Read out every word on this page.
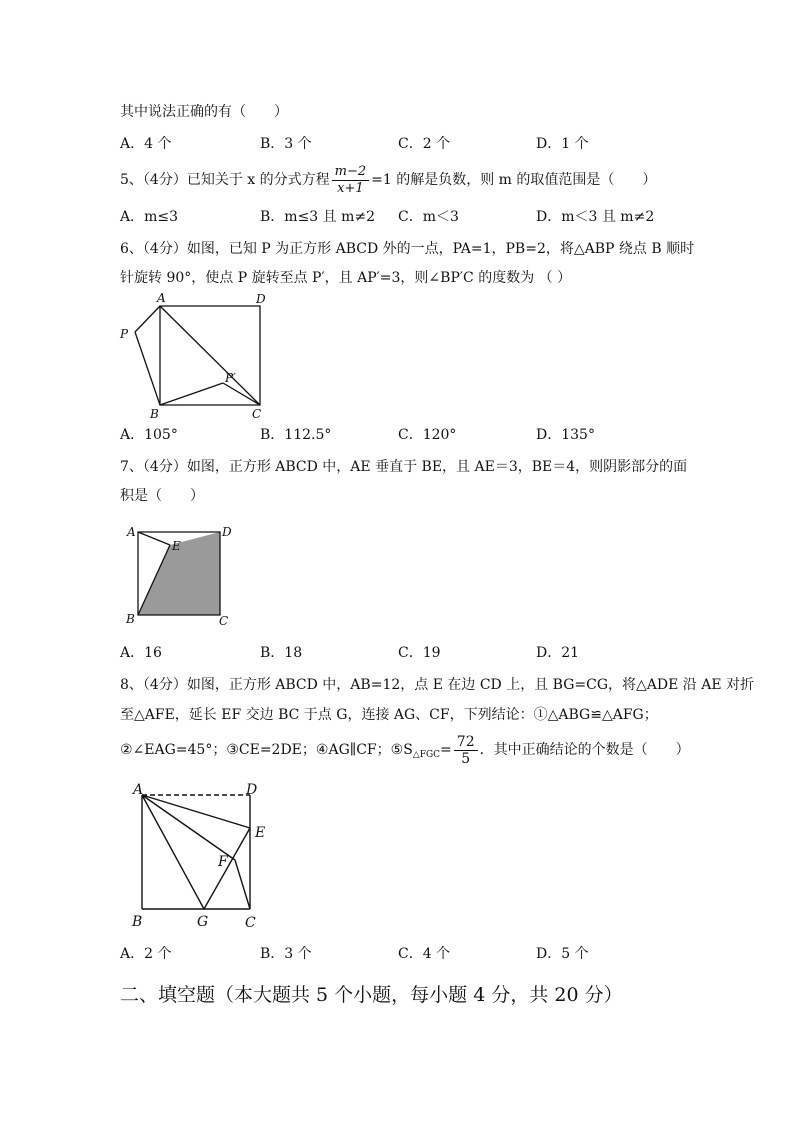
其中说法正确的有（　　）
A．4 个	B．3 个	C．2 个	D．1 个
5、（4分）已知关于 x 的分式方程 $\frac{m-2}{x+1} =1$ 的解是负数，则 m 的取值范围是（　　）
A．m≤3	B．m≤3 且 m≠2 C．m＜3	D．m＜3 且 m≠2
6、（4分）如图，已知 P 为正方形 ABCD 外的一点，PA=1，PB=2，将△ABP 绕点 B 顺时
针旋转 90°，使点 P 旋转至点 P′，且 AP′=3，则∠BP′C 的度数为 （ ）
A	D
P
P′
B	C
A．105°	B．112.5°	C．120°	D．135°
7、（4分）如图，正方形 ABCD 中，AE 垂直于 BE，且 AE＝3，BE＝4，则阴影部分的面
积是（　　）
A	D
E
B	C
A．16	B．18	C．19	D．21
8、（4分）如图，正方形 ABCD 中，AB=12，点 E 在边 CD 上，且 BG=CG，将△ADE 沿 AE 对折
至△AFE，延长 EF 交边 BC 于点 G，连接 AG、CF，下列结论：①△ABG≌△AFG；
②∠EAG=45°；③CE=2DE；④AG∥CF；$⑤S_{\triangle FGC}= \frac{72}{5}$ ．其中正确结论的个数是（　　）
A	D
E
F
B	G	C
A．2 个	B．3 个	C．4 个	D．5 个
二、填空题（本大题共 5 个小题，每小题 4 分，共 20 分）
